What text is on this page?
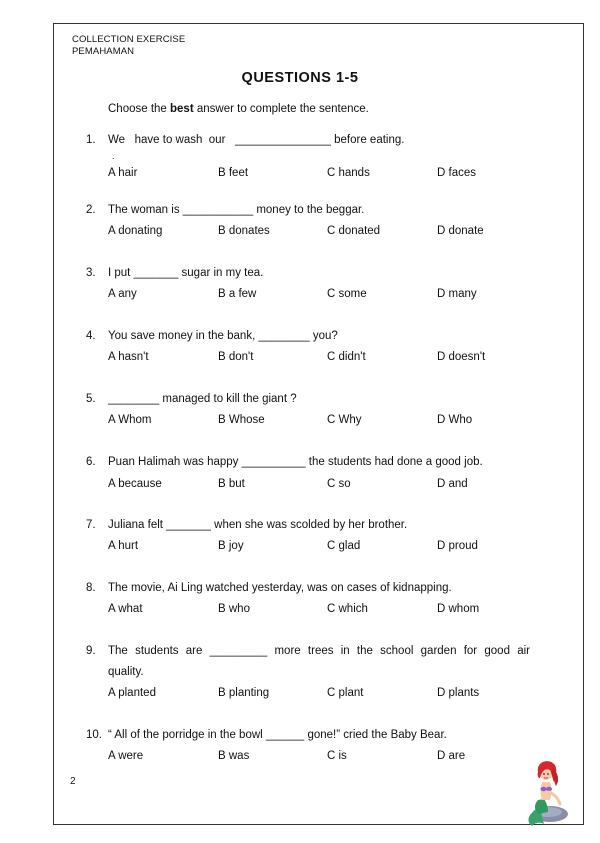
COLLECTION EXERCISE
PEMAHAMAN
QUESTIONS 1-5
Choose the best answer to complete the sentence.
1. We   have to wash  our   _______________ before eating.
.
A hair	B feet	C hands	D faces
2. The woman is ___________ money to the beggar.
A donating	B donates	C donated	D donate
3. I put _______ sugar in my tea.
A any	B a few	C some	D many
4. You save money in the bank, ________ you?
A hasn't	B don't	C didn't	D doesn't
5. ________ managed to kill the giant ?
A Whom	B Whose	C Why	D Who
6. Puan Halimah was happy __________ the students had done a good job.
A because	B but	C so	D and
7. Juliana felt _______ when she was scolded by her brother.
A hurt	B joy	C glad	D proud
8. The movie, Ai Ling watched yesterday, was on cases of kidnapping.
A what	B who	C which	D whom
9. The students are _________ more trees in the school garden for good air
quality.
A planted	B planting	C plant	D plants
10. “ All of the porridge in the bowl ______ gone!” cried the Baby Bear.
A were	B was	C is	D are
2
